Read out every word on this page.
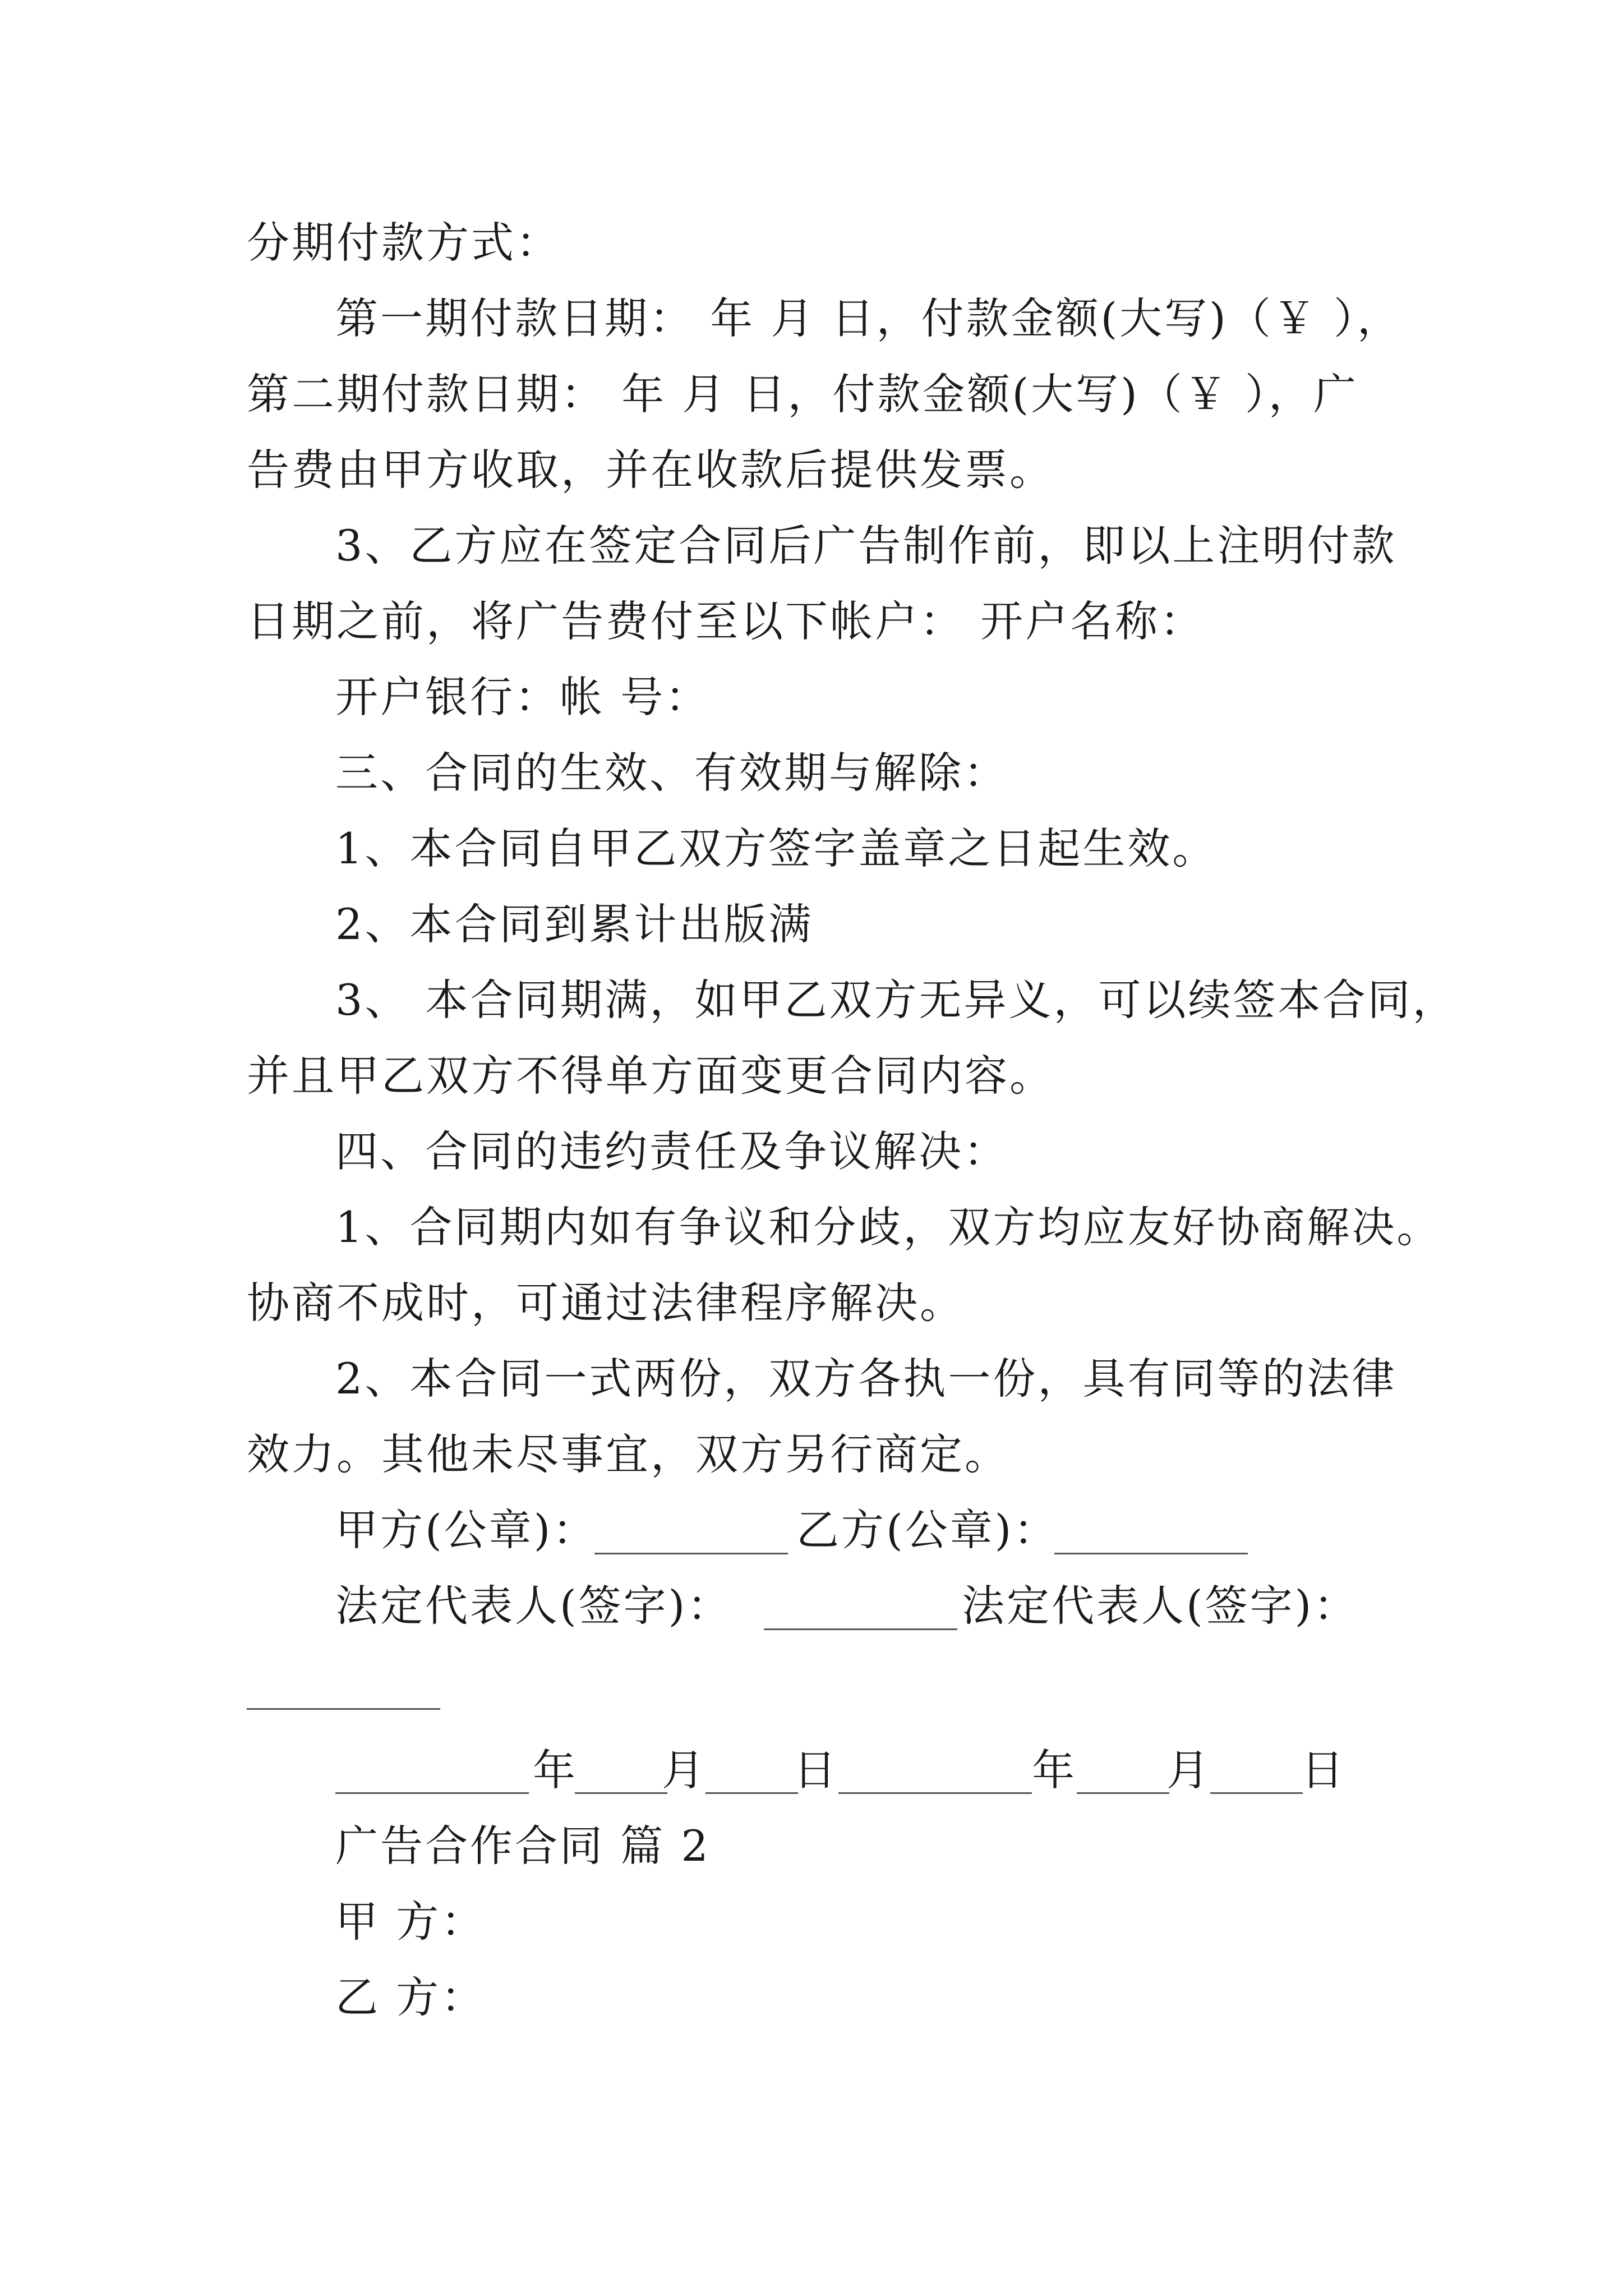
分期付款方式：
第一期付款日期： 年 月 日，付款金额(大写)（￥ ），
第二期付款日期： 年 月 日，付款金额(大写)（￥ ），广
告费由甲方收取，并在收款后提供发票。
3、乙方应在签定合同后广告制作前，即以上注明付款
日期之前，将广告费付至以下帐户： 开户名称：
开户银行：帐 号：
三、合同的生效、有效期与解除：
1、本合同自甲乙双方签字盖章之日起生效。
2、本合同到累计出版满
3、 本合同期满，如甲乙双方无异义，可以续签本合同，
并且甲乙双方不得单方面变更合同内容。
四、合同的违约责任及争议解决：
1、合同期内如有争议和分歧，双方均应友好协商解决。
协商不成时，可通过法律程序解决。
2、本合同一式两份，双方各执一份，具有同等的法律
效力。其他未尽事宜，双方另行商定。
甲方(公章)：	乙方(公章)：
法定代表人(签字)：	法定代表人(签字)：
年 月 日	年 月 日
广告合作合同 篇 2
甲 方：
乙 方：
